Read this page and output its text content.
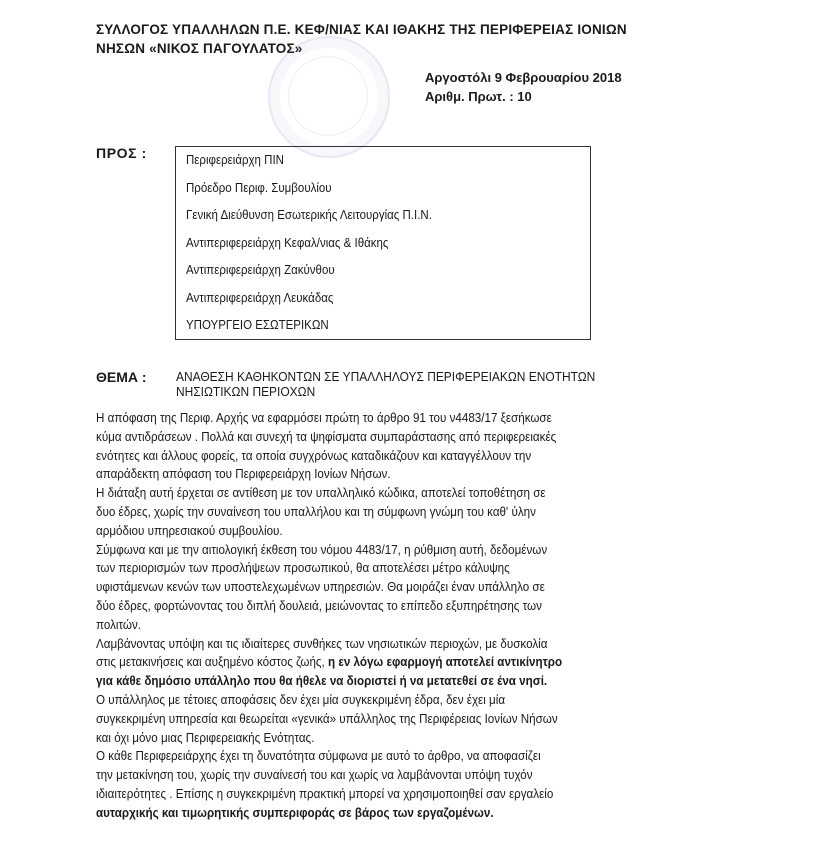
ΣΥΛΛΟΓΟΣ ΥΠΑΛΛΗΛΩΝ Π.Ε. ΚΕΦ/ΝΙΑΣ ΚΑΙ ΙΘΑΚΗΣ ΤΗΣ ΠΕΡΙΦΕΡΕΙΑΣ ΙΟΝΙΩΝ
ΝΗΣΩΝ «ΝΙΚΟΣ ΠΑΓΟΥΛΑΤΟΣ»
Αργοστόλι 9 Φεβρουαρίου 2018
Αριθμ. Πρωτ. : 10
ΠΡΟΣ :	Περιφερειάρχη ΠΙΝ
Πρόεδρο Περιφ. Συμβουλίου
Γενική Διεύθυνση Εσωτερικής Λειτουργίας Π.Ι.Ν.
Αντιπεριφερειάρχη Κεφαλ/νιας & Ιθάκης
Αντιπεριφερειάρχη Ζακύνθου
Αντιπεριφερειάρχη Λευκάδας
ΥΠΟΥΡΓΕΙΟ ΕΣΩΤΕΡΙΚΩΝ
ΘΕΜΑ : ΑΝΑΘΕΣΗ ΚΑΘΗΚΟΝΤΩΝ ΣΕ ΥΠΑΛΛΗΛΟΥΣ ΠΕΡΙΦΕΡΕΙΑΚΩΝ ΕΝΟΤΗΤΩΝ
ΝΗΣΙΩΤΙΚΩΝ ΠΕΡΙΟΧΩΝ
Η απόφαση της Περιφ. Αρχής να εφαρμόσει πρώτη το άρθρο 91 του ν4483/17 ξεσήκωσε
κύμα αντιδράσεων . Πολλά και συνεχή τα ψηφίσματα συμπαράστασης από περιφερειακές
ενότητες και άλλους φορείς, τα οποία συγχρόνως καταδικάζουν και καταγγέλλουν την
απαράδεκτη απόφαση του Περιφερειάρχη Ιονίων Νήσων.
Η διάταξη αυτή έρχεται σε αντίθεση με τον υπαλληλικό κώδικα, αποτελεί τοποθέτηση σε
δυο έδρες, χωρίς την συναίνεση του υπαλλήλου και τη σύμφωνη γνώμη του καθ' ύλην
αρμόδιου υπηρεσιακού συμβουλίου.
Σύμφωνα και με την αιτιολογική έκθεση του νόμου 4483/17, η ρύθμιση αυτή, δεδομένων
των περιορισμών των προσλήψεων προσωπικού, θα αποτελέσει μέτρο κάλυψης
υφιστάμενων κενών των υποστελεχωμένων υπηρεσιών. Θα μοιράζει έναν υπάλληλο σε
δύο έδρες, φορτώνοντας του διπλή δουλειά, μειώνοντας το επίπεδο εξυπηρέτησης των
πολιτών.
Λαμβάνοντας υπόψη και τις ιδιαίτερες συνθήκες των νησιωτικών περιοχών, με δυσκολία
στις μετακινήσεις και αυξημένο κόστος ζωής, η εν λόγω εφαρμογή αποτελεί αντικίνητρο
για κάθε δημόσιο υπάλληλο που θα ήθελε να διοριστεί ή να μετατεθεί σε ένα νησί.
Ο υπάλληλος με τέτοιες αποφάσεις δεν έχει μία συγκεκριμένη έδρα, δεν έχει μία
συγκεκριμένη υπηρεσία και θεωρείται «γενικά» υπάλληλος της Περιφέρειας Ιονίων Νήσων
και όχι μόνο μιας Περιφερειακής Ενότητας.
Ο κάθε Περιφερειάρχης έχει τη δυνατότητα σύμφωνα με αυτό το άρθρο, να αποφασίζει
την μετακίνηση του, χωρίς την συναίνεσή του και χωρίς να λαμβάνονται υπόψη τυχόν
ιδιαιτερότητες . Επίσης η συγκεκριμένη πρακτική μπορεί να χρησιμοποιηθεί σαν εργαλείο
αυταρχικής και τιμωρητικής συμπεριφοράς σε βάρος των εργαζομένων.
